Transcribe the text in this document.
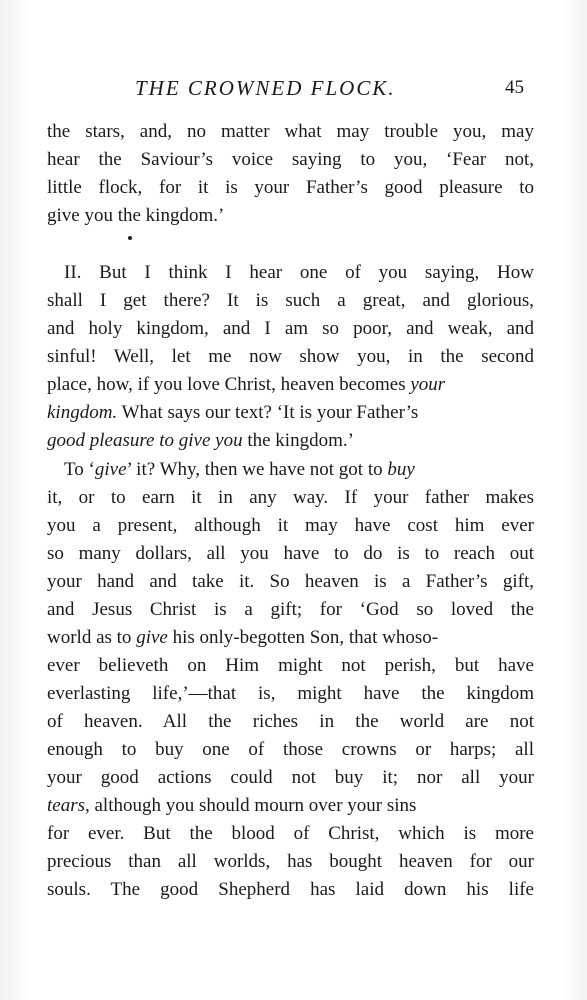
THE CROWNED FLOCK.	45
the stars, and, no matter what may trouble you, may
hear the Saviour’s voice saying to you, ‘Fear not,
little flock, for it is your Father’s good pleasure to
give you the kingdom.’
II. But I think I hear one of you saying, How
shall I get there? It is such a great, and glorious,
and holy kingdom, and I am so poor, and weak, and
sinful! Well, let me now show you, in the second
place, how, if you love Christ, heaven becomes your
kingdom. What says our text? ‘It is your Father’s
good pleasure to give you the kingdom.’
To ‘give’ it? Why, then we have not got to buy
it, or to earn it in any way. If your father makes
you a present, although it may have cost him ever
so many dollars, all you have to do is to reach out
your hand and take it. So heaven is a Father’s gift,
and Jesus Christ is a gift; for ‘God so loved the
world as to give his only-begotten Son, that whoso-
ever believeth on Him might not perish, but have
everlasting life,’—that is, might have the kingdom
of heaven. All the riches in the world are not
enough to buy one of those crowns or harps; all
your good actions could not buy it; nor all your
tears, although you should mourn over your sins
for ever. But the blood of Christ, which is more
precious than all worlds, has bought heaven for our
souls. The good Shepherd has laid down his life
